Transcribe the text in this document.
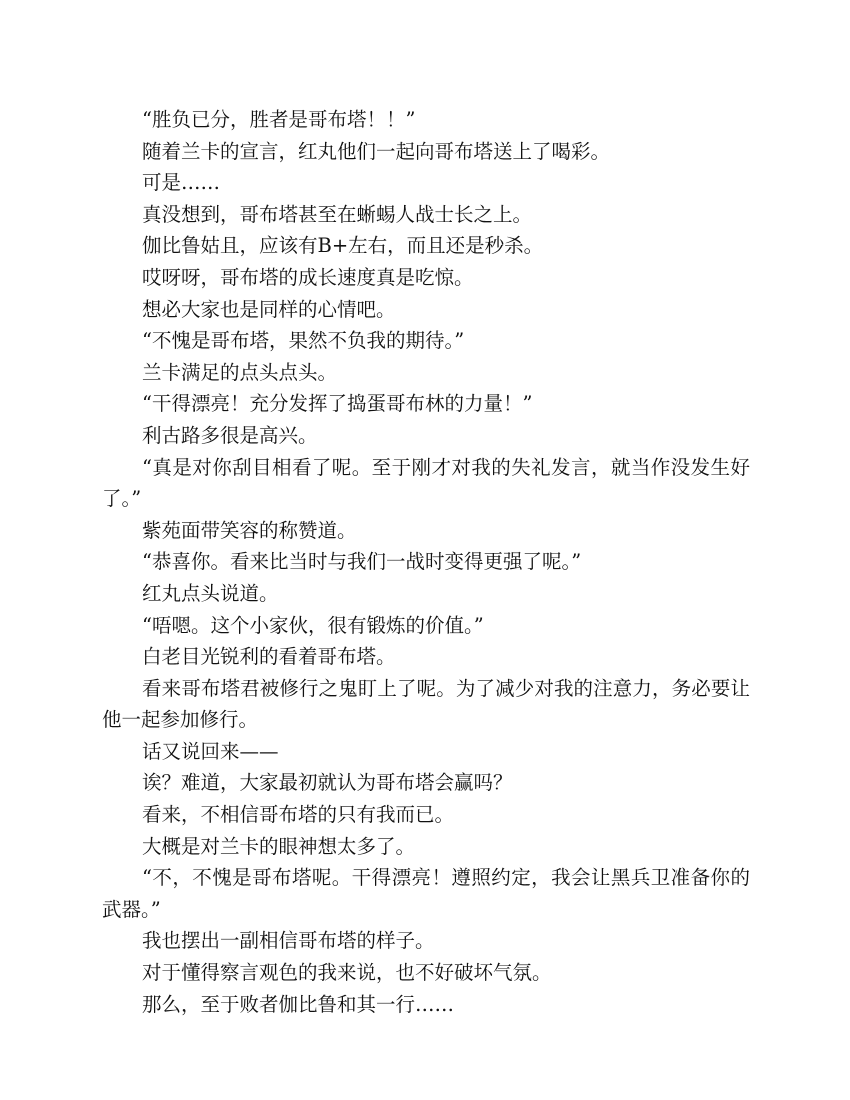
“胜负已分，胜者是哥布塔！！”

随着兰卡的宣言，红丸他们一起向哥布塔送上了喝彩。

可是……

真没想到，哥布塔甚至在蜥蜴人战士长之上。

伽比鲁姑且，应该有B+左右，而且还是秒杀。

哎呀呀，哥布塔的成长速度真是吃惊。

想必大家也是同样的心情吧。

“不愧是哥布塔，果然不负我的期待。”

兰卡满足的点头点头。

“干得漂亮！充分发挥了捣蛋哥布林的力量！”

利古路多很是高兴。

“真是对你刮目相看了呢。至于刚才对我的失礼发言，就当作没发生好了。”

紫苑面带笑容的称赞道。

“恭喜你。看来比当时与我们一战时变得更强了呢。”

红丸点头说道。

“唔嗯。这个小家伙，很有锻炼的价值。”

白老目光锐利的看着哥布塔。

看来哥布塔君被修行之鬼盯上了呢。为了减少对我的注意力，务必要让他一起参加修行。

话又说回来——

诶？难道，大家最初就认为哥布塔会赢吗？

看来，不相信哥布塔的只有我而已。

大概是对兰卡的眼神想太多了。

“不，不愧是哥布塔呢。干得漂亮！遵照约定，我会让黑兵卫准备你的武器。”

我也摆出一副相信哥布塔的样子。

对于懂得察言观色的我来说，也不好破坏气氛。

那么，至于败者伽比鲁和其一行……
